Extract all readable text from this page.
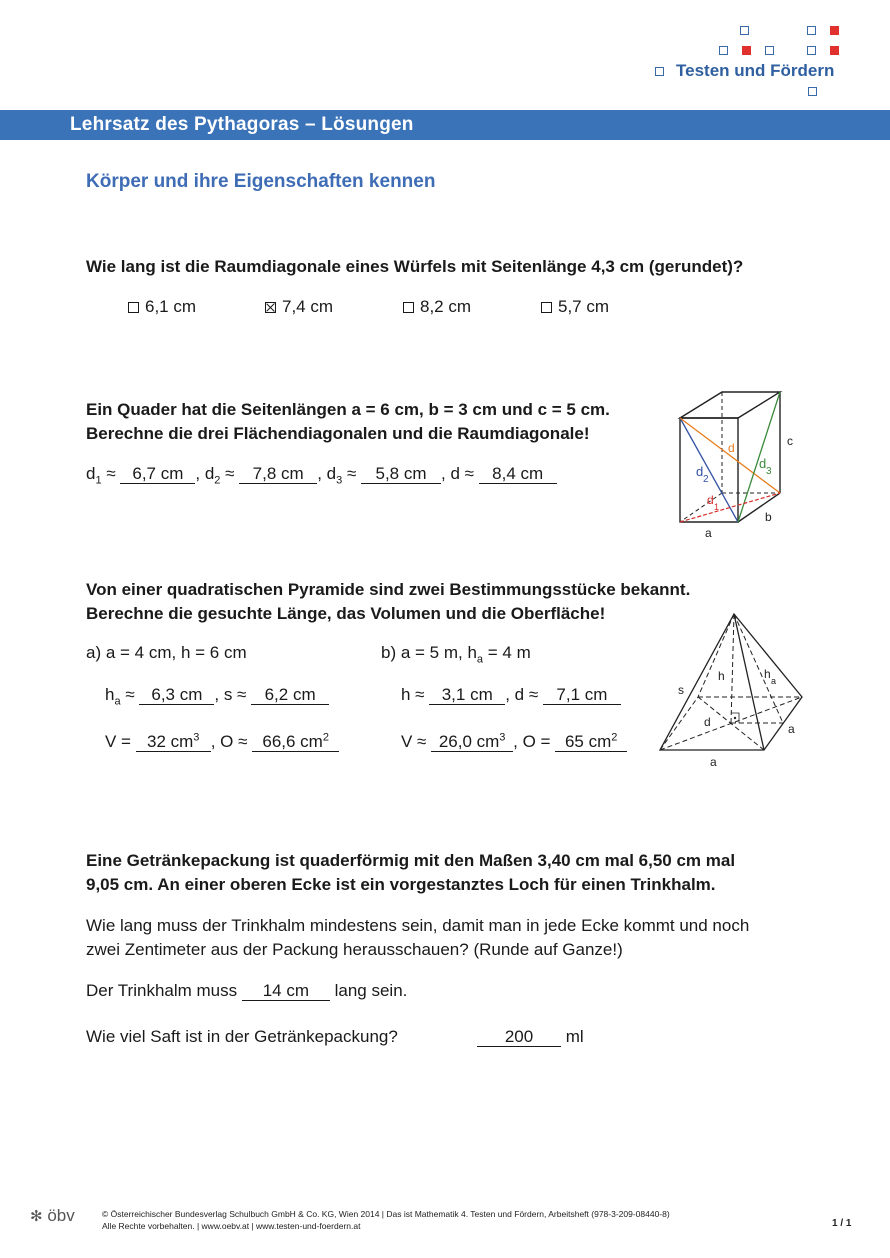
Testen und Fördern
Lehrsatz des Pythagoras – Lösungen
Körper und ihre Eigenschaften kennen
Wie lang ist die Raumdiagonale eines Würfels mit Seitenlänge 4,3 cm (gerundet)?
6,1 cm	7,4 cm	8,2 cm	5,7 cm
Ein Quader hat die Seitenlängen a = 6 cm, b = 3 cm und c = 5 cm.
Berechne die drei Flächendiagonalen und die Raumdiagonale!
$d_1 \approx 6,7$ cm , $d_2 \approx 7,8$ cm , $d_3 \approx 5,8$ cm , d ≈ 8,4 cm
d
d
2
d
3
d 1
c
b
a
Von einer quadratischen Pyramide sind zwei Bestimmungsstücke bekannt.
Berechne die gesuchte Länge, das Volumen und die Oberfläche!
a) a = 4 cm, h = 6 cm	b) a = 5 m, $h_a = 4$ m
$h_a \approx 6,3$ cm , s ≈ 6,2 cm	h ≈ 3,1 cm , d ≈ 7,1 cm
V = 32 $cm^3$ , O ≈ 66,6 $cm^2$	V ≈ 26,0 $cm^3$ , O = 65 $cm^2$
s
h	h a
d	a
a
Eine Getränkepackung ist quaderförmig mit den Maßen 3,40 cm mal 6,50 cm mal
9,05 cm. An einer oberen Ecke ist ein vorgestanztes Loch für einen Trinkhalm.
Wie lang muss der Trinkhalm mindestens sein, damit man in jede Ecke kommt und noch
zwei Zentimeter aus der Packung herausschauen? (Runde auf Ganze!)
Der Trinkhalm muss 14 cm lang sein.
Wie viel Saft ist in der Getränkepackung?	200 ml
✻ öbv	© Österreichischer Bundesverlag Schulbuch GmbH & Co. KG, Wien 2014 | Das ist Mathematik 4. Testen und Fördern, Arbeitsheft (978-3-209-08440-8)
Alle Rechte vorbehalten. | www.oebv.at | www.testen-und-foerdern.at	1 / 1
